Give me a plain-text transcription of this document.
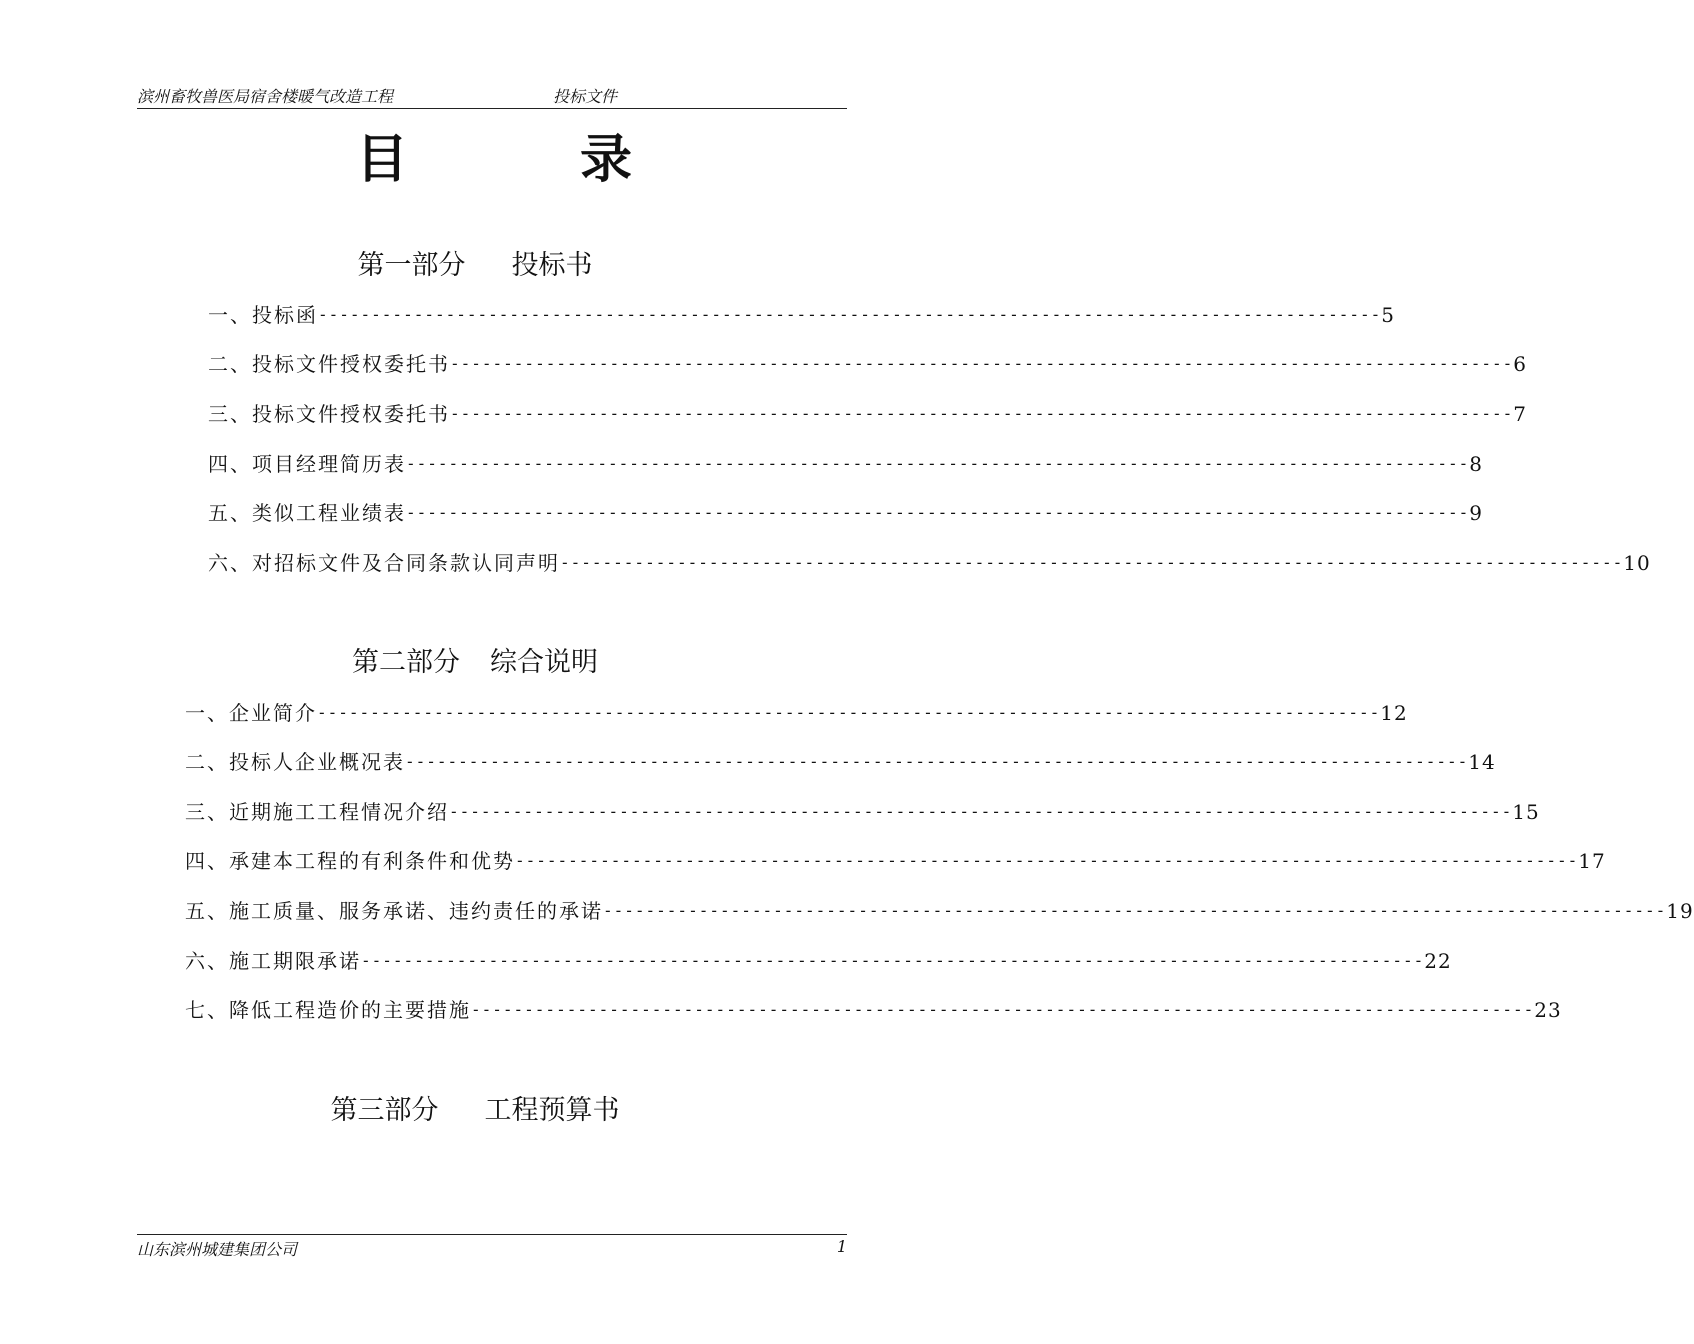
滨州畜牧兽医局宿舍楼暖气改造工程	投标文件
目	录
第一部分 投标书
一、 投标函 ---------------------------------------------------------------------------------------------------- 5
二、 投标文件授权委托书 ---------------------------------------------------------------------------------------------------- 6
三、 投标文件授权委托书 ---------------------------------------------------------------------------------------------------- 7
四、 项目经理简历表 ---------------------------------------------------------------------------------------------------- 8
五、 类似工程业绩表 ---------------------------------------------------------------------------------------------------- 9
六、 对招标文件及合同条款认同声明 ---------------------------------------------------------------------------------------------------- 10
第二部分 综合说明
一、 企业简介 ---------------------------------------------------------------------------------------------------- 12
二、 投标人企业概况表 ---------------------------------------------------------------------------------------------------- 14
三、 近期施工工程情况介绍 ---------------------------------------------------------------------------------------------------- 15
四、 承建本工程的有利条件和优势 ---------------------------------------------------------------------------------------------------- 17
五、 施工质量、服务承诺、违约责任的承诺 ---------------------------------------------------------------------------------------------------- 19
六、 施工期限承诺 ---------------------------------------------------------------------------------------------------- 22
七、 降低工程造价的主要措施 ---------------------------------------------------------------------------------------------------- 23
第三部分 工程预算书
山东滨州城建集团公司	1
